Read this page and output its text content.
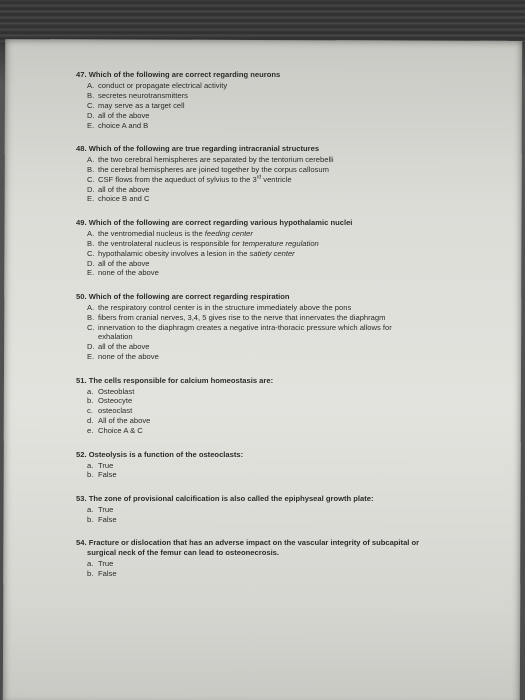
47. Which of the following are correct regarding neurons
A. conduct or propagate electrical activity
B. secretes neurotransmitters
C. may serve as a target cell
D. all of the above
E. choice A and B
48. Which of the following are true regarding intracranial structures
A. the two cerebral hemispheres are separated by the tentorium cerebelli
B. the cerebral hemispheres are joined together by the corpus callosum
C. CSF flows from the aqueduct of sylvius to the 3rd ventricle
D. all of the above
E. choice B and C
49. Which of the following are correct regarding various hypothalamic nuclei
A. the ventromedial nucleus is the feeding center
B. the ventrolateral nucleus is responsible for temperature regulation
C. hypothalamic obesity involves a lesion in the satiety center
D. all of the above
E. none of the above
50. Which of the following are correct regarding respiration
A. the respiratory control center is in the structure immediately above the pons
B. fibers from cranial nerves, 3,4, 5 gives rise to the nerve that innervates the diaphragm
C. innervation to the diaphragm creates a negative intra-thoracic pressure which allows for
exhalation
D. all of the above
E. none of the above
51. The cells responsible for calcium homeostasis are:
a. Osteoblast
b. Osteocyte
c. osteoclast
d. All of the above
e. Choice A & C
52. Osteolysis is a function of the osteoclasts:
a. True
b. False
53. The zone of provisional calcification is also called the epiphyseal growth plate:
a. True
b. False
54. Fracture or dislocation that has an adverse impact on the vascular integrity of subcapital or
surgical neck of the femur can lead to osteonecrosis.
a. True
b. False
